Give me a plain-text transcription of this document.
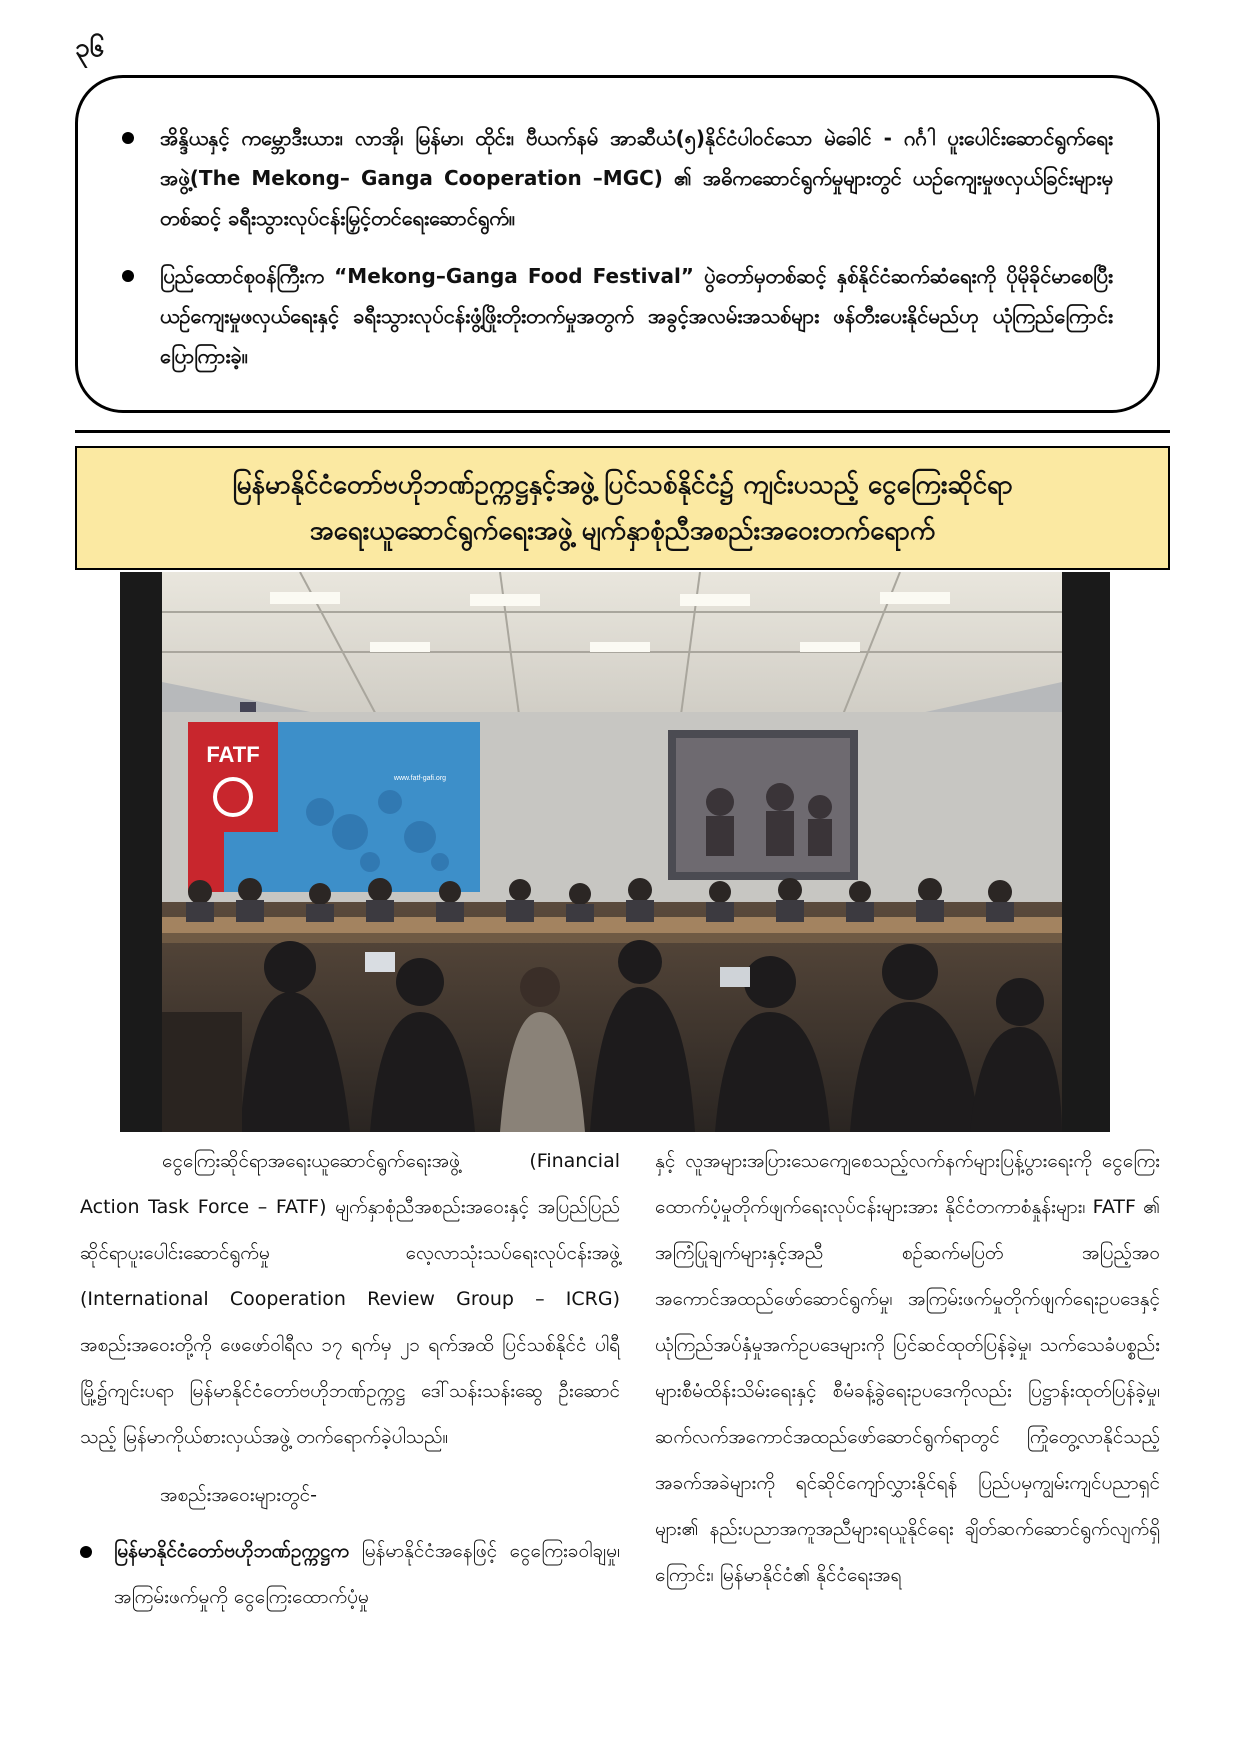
၃၆
အိန္ဒိယနှင့် ကမ္ဘောဒီးယား၊ လာအို၊ မြန်မာ၊ ထိုင်း၊ ဗီယက်နမ် အာဆီယံ(၅)နိုင်ငံပါဝင်သော မဲခေါင် - ဂင်္ဂါ ပူးပေါင်းဆောင်ရွက်ရေးအဖွဲ့(The Mekong– Ganga Cooperation –MGC) ၏ အဓိကဆောင်ရွက်မှုများတွင် ယဉ်ကျေးမှုဖလှယ်ခြင်းများမှတစ်ဆင့် ခရီးသွားလုပ်ငန်းမြှင့်တင်ရေးဆောင်ရွက်။
ပြည်ထောင်စုဝန်ကြီးက “Mekong–Ganga Food Festival” ပွဲတော်မှတစ်ဆင့် နှစ်နိုင်ငံဆက်ဆံရေးကို ပိုမိုခိုင်မာစေပြီး ယဉ်ကျေးမှုဖလှယ်ရေးနှင့် ခရီးသွားလုပ်ငန်းဖွံ့ဖြိုးတိုးတက်မှုအတွက် အခွင့်အလမ်းအသစ်များ ဖန်တီးပေးနိုင်မည်ဟု ယုံကြည်ကြောင်း ပြောကြားခဲ့။
မြန်မာနိုင်ငံတော်ဗဟိုဘဏ်ဥက္ကဋ္ဌနှင့်အဖွဲ့ ပြင်သစ်နိုင်ငံ၌ ကျင်းပသည့် ငွေကြေးဆိုင်ရာ
အရေးယူဆောင်ရွက်ရေးအဖွဲ့ မျက်နှာစုံညီအစည်းအဝေးတက်ရောက်
FATF
www.fatf-gafi.org

ငွေကြေးဆိုင်ရာအရေးယူဆောင်ရွက်ရေးအဖွဲ့ (Financial Action Task Force – FATF) မျက်နှာစုံညီအစည်းအဝေးနှင့် အပြည်ပြည်ဆိုင်ရာပူးပေါင်းဆောင်ရွက်မှု လေ့လာသုံးသပ်ရေးလုပ်ငန်းအဖွဲ့ (International Cooperation Review Group – ICRG) အစည်းအဝေးတို့ကို ဖေဖော်ဝါရီလ ၁၇ ရက်မှ ၂၁ ရက်အထိ ပြင်သစ်နိုင်ငံ ပါရီမြို့၌ကျင်းပရာ မြန်မာနိုင်ငံတော်ဗဟိုဘဏ်ဥက္ကဋ္ဌ ဒေါ်သန်းသန်းဆွေ ဦးဆောင်သည့် မြန်မာကိုယ်စားလှယ်အဖွဲ့ တက်ရောက်ခဲ့ပါသည်။

အစည်းအဝေးများတွင်-

မြန်မာနိုင်ငံတော်ဗဟိုဘဏ်ဥက္ကဋ္ဌက မြန်မာနိုင်ငံအနေဖြင့် ငွေကြေးခဝါချမှု၊ အကြမ်းဖက်မှုကို ငွေကြေးထောက်ပံ့မှု

နှင့် လူအများအပြားသေကျေစေသည့်လက်နက်များပြန့်ပွားရေးကို ငွေကြေးထောက်ပံ့မှုတိုက်ဖျက်ရေးလုပ်ငန်းများအား နိုင်ငံတကာစံနှုန်းများ၊ FATF ၏ အကြံပြုချက်များနှင့်အညီ စဉ်ဆက်မပြတ် အပြည့်အဝအကောင်အထည်ဖော်ဆောင်ရွက်မှု၊ အကြမ်းဖက်မှုတိုက်ဖျက်ရေးဥပဒေနှင့် ယုံကြည်အပ်နှံမှုအက်ဥပဒေများကို ပြင်ဆင်ထုတ်ပြန်ခဲ့မှု၊ သက်သေခံပစ္စည်းများစီမံထိန်းသိမ်းရေးနှင့် စီမံခန့်ခွဲရေးဥပဒေကိုလည်း ပြဋ္ဌာန်းထုတ်ပြန်ခဲ့မှု၊ ဆက်လက်အကောင်အထည်ဖော်ဆောင်ရွက်ရာတွင် ကြုံတွေ့လာနိုင်သည့်အခက်အခဲများကို ရင်ဆိုင်ကျော်လွှားနိုင်ရန် ပြည်ပမှကျွမ်းကျင်ပညာရှင်များ၏ နည်းပညာအကူအညီများရယူနိုင်ရေး ချိတ်ဆက်ဆောင်ရွက်လျက်ရှိကြောင်း၊ မြန်မာနိုင်ငံ၏ နိုင်ငံရေးအရ
